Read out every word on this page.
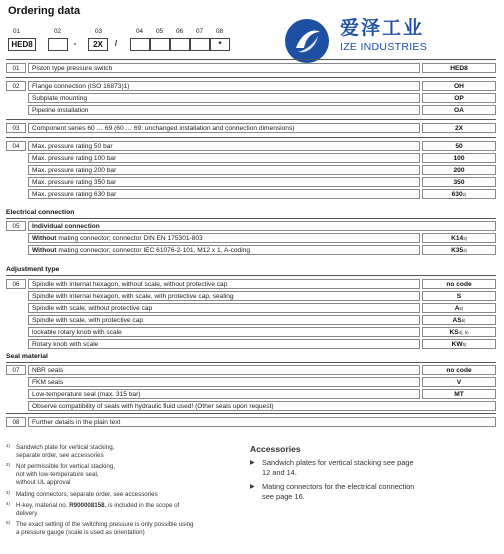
Ordering data
01	02	03	04 05 06 07 08
HED8	-	2X	/	*
爱泽工业
IZE INDUSTRIES
01	Piston type pressure switch	HED8
02	Flange connection (ISO 16873)1)	OH
Subplate mounting	OP
Pipeline installation	OA
03	Component series 60 … 69 (60 … 69: unchanged installation and connection dimensions)	2X
04	Max. pressure rating 50 bar	50
Max. pressure rating 100 bar	100
Max. pressure rating 200 bar	200
Max. pressure rating 350 bar	350
Max. pressure rating 630 bar	630$^{2)}$
Electrical connection
05	Individual connection
Without mating connector; connector DIN EN 175301-803	K14$^{3)}$
Without mating connector; connector IEC 61076-2-101, M12 x 1, A-coding	K35$^{3)}$
Adjustment type
06	Spindle with internal hexagon, without scale, without protective cap	no code
Spindle with internal hexagon, with scale, with protective cap, sealing	S
Spindle with scale, without protective cap	$A^{5)}$
Spindle with scale, with protective cap	AS$^{5)}$
lockable rotary knob with scale	$KS^{4), 5)}$
Rotary knob with scale	KW$^{5)}$
Seal material
07	NBR seals	no code
FKM seals	V
Low-temperature seal (max. 315 bar)	MT
Observe compatibility of seals with hydraulic fluid used! (Other seals upon request)
08	Further details in the plain text
1) Sandwich plate for vertical stacking,
separate order, see accessories
2) Not permissible for vertical stacking,
not with low-temperature seal,
without UL approval
3) Mating connectors, separate order, see accessories
4) H-key, material no. R900008158, is included in the scope of
delivery
5) The exact setting of the switching pressure is only possible using
a pressure gauge (scale is used as orientation)
Accessories
▶ Sandwich plates for vertical stacking see page
12 and 14.
▶ Mating connectors for the electrical connection
see page 16.
